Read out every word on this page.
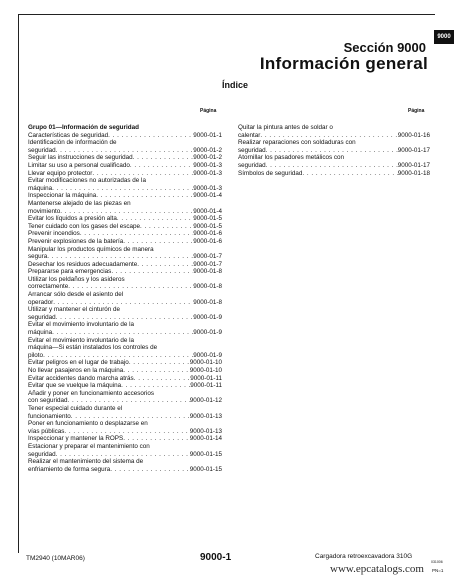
9000
Sección 9000
Información general
Índice
Página	Página
Grupo 01—Información de seguridad
Características de seguridad . . .	9000-01-1
Identificación de información de
seguridad . . .	9000-01-2
Seguir las instrucciones de seguridad . . .	9000-01-2
Limitar su uso a personal cualificado . . .	9000-01-3
Llevar equipo protector . . .	9000-01-3
Evitar modificaciones no autorizadas de la
máquina . . .	9000-01-3
Inspeccionar la máquina . . .	9000-01-4
Mantenerse alejado de las piezas en
movimiento . . .	9000-01-4
Evitar los líquidos a presión alta . . .	9000-01-5
Tener cuidado con los gases del escape . . .	9000-01-5
Prevenir incendios . . .	9000-01-6
Prevenir explosiones de la batería . . .	9000-01-6
Manipular los productos químicos de manera
segura . . .	9000-01-7
Desechar los residuos adecuadamente . . .	9000-01-7
Prepararse para emergencias . . .	9000-01-8
Utilizar los peldaños y los asideros
correctamente . . .	9000-01-8
Arrancar sólo desde el asiento del
operador . . .	9000-01-8
Utilizar y mantener el cinturón de
seguridad . . .	9000-01-9
Evitar el movimiento involuntario de la
máquina . . .	9000-01-9
Evitar el movimiento involuntario de la
máquina—Si están instalados los controles de
piloto . . .	9000-01-9
Evitar peligros en el lugar de trabajo . . .	9000-01-10
No llevar pasajeros en la máquina . . .	9000-01-10
Evitar accidentes dando marcha atrás . . .	9000-01-11
Evitar que se vuelque la máquina . . .	9000-01-11
Añadir y poner en funcionamiento accesorios
con seguridad . . .	9000-01-12
Tener especial cuidado durante el
funcionamiento . . .	9000-01-13
Poner en funcionamiento o desplazarse en
vías públicas . . .	9000-01-13
Inspeccionar y mantener la ROPS . . .	9000-01-14
Estacionar y preparar el mantenimiento con
seguridad . . .	9000-01-15
Realizar el mantenimiento del sistema de
enfriamiento de forma segura . . .	9000-01-15
Quitar la pintura antes de soldar o
calentar . . .	9000-01-16
Realizar reparaciones con soldaduras con
seguridad . . .	9000-01-17
Atornillar los pasadores metálicos con
seguridad . . .	9000-01-17
Símbolos de seguridad . . .	9000-01-18
TM2940 (10MAR06)	9000-1	Cargadora retroexcavadora 310G
031006
PN=1
www.epcatalogs.com
